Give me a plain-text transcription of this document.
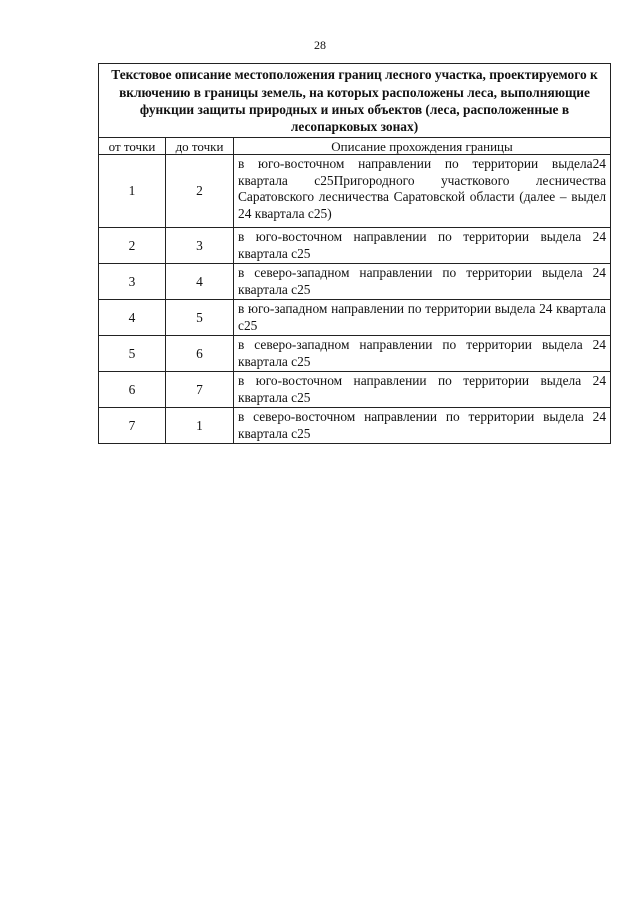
28
Текстовое описание местоположения границ лесного участка, проектируемого к включению в границы земель, на которых расположены леса, выполняющие функции защиты природных и иных объектов (леса, расположенные в лесопарковых зонах)		
от точки	до точки	Описание прохождения границы
1	2	в юго-восточном направлении по территории выдела24 квартала с25Пригородного участкового лесничества Саратовского лесничества Саратовской области (далее – выдел 24 квартала с25)
2	3	в юго-восточном направлении по территории выдела 24 квартала с25
3	4	в северо-западном направлении по территории выдела 24 квартала с25
4	5	в юго-западном направлении по территории выдела 24 квартала с25
5	6	в северо-западном направлении по территории выдела 24 квартала с25
6	7	в юго-восточном направлении по территории выдела 24 квартала с25
7	1	в северо-восточном направлении по территории выдела 24 квартала с25
